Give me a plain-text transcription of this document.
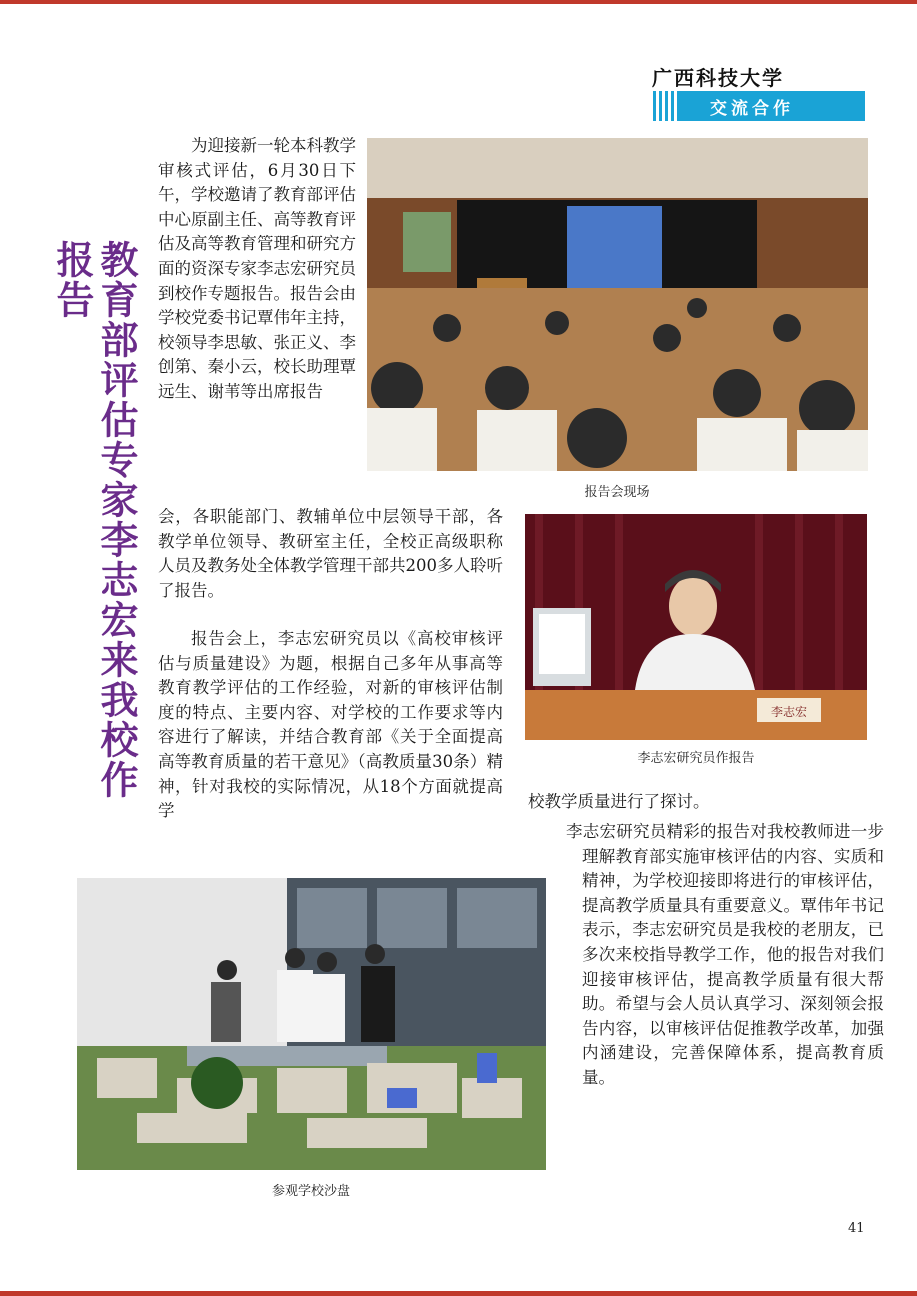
广西科技大学
交流合作
教育部评估专家李志宏来我校作报告
为迎接新一轮本科教学审核式评估，6月30日下午，学校邀请了教育部评估中心原副主任、高等教育评估及高等教育管理和研究方面的资深专家李志宏研究员到校作专题报告。报告会由学校党委书记覃伟年主持，校领导李思敏、张正义、李创第、秦小云，校长助理覃远生、谢苇等出席报告
会，各职能部门、教辅单位中层领导干部，各教学单位领导、教研室主任，全校正高级职称人员及教务处全体教学管理干部共200多人聆听了报告。
报告会上，李志宏研究员以《高校审核评估与质量建设》为题，根据自己多年从事高等教育教学评估的工作经验，对新的审核评估制度的特点、主要内容、对学校的工作要求等内容进行了解读，并结合教育部《关于全面提高高等教育质量的若干意见》（高教质量30条）精神，针对我校的实际情况，从18个方面就提高学	校教学质量进行了探讨。
李志宏研究员精彩的报告对我校教师进一步理解教育部实施审核评估的内容、实质和精神，为学校迎接即将进行的审核评估，提高教学质量具有重要意义。覃伟年书记表示，李志宏研究员是我校的老朋友，已多次来校指导教学工作，他的报告对我们迎接审核评估，提高教学质量有很大帮助。希望与会人员认真学习、深刻领会报告内容，以审核评估促推教学改革，加强内涵建设，完善保障体系，提高教育质量。
报告会现场
李志宏
李志宏研究员作报告
参观学校沙盘
41
